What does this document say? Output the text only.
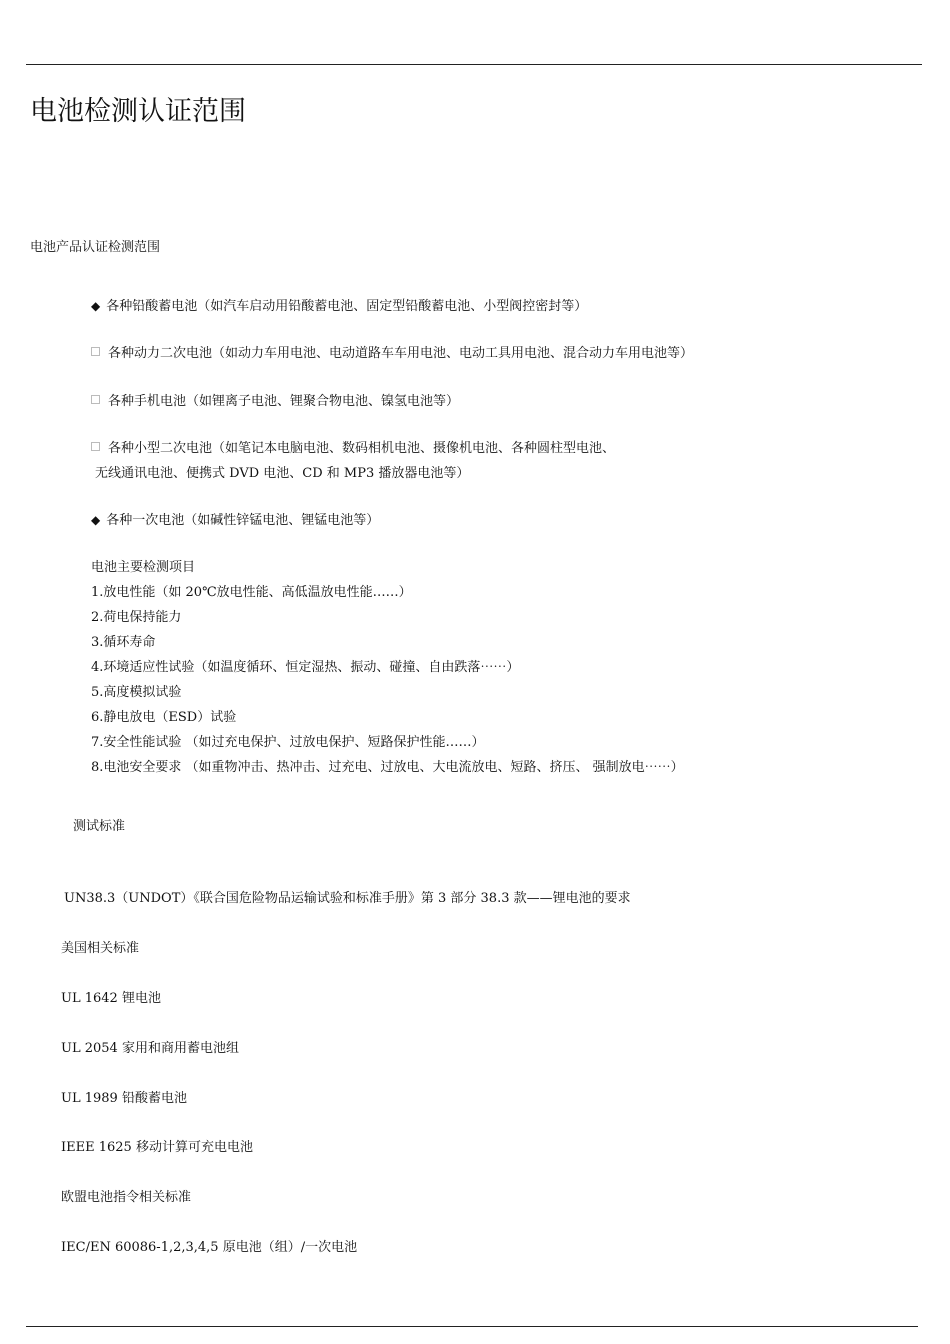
电池检测认证范围
电池产品认证检测范围
◆ 各种铅酸蓄电池（如汽车启动用铅酸蓄电池、固定型铅酸蓄电池、小型阀控密封等）
各种动力二次电池（如动力车用电池、电动道路车车用电池、电动工具用电池、混合动力车用电池等）
各种手机电池（如锂离子电池、锂聚合物电池、镍氢电池等）
各种小型二次电池（如笔记本电脑电池、数码相机电池、摄像机电池、各种圆柱型电池、
无线通讯电池、便携式 DVD 电池、CD 和 MP3 播放器电池等）
◆ 各种一次电池（如碱性锌锰电池、锂锰电池等）
电池主要检测项目
1.放电性能（如 20℃放电性能、高低温放电性能……）
2.荷电保持能力
3.循环寿命
4.环境适应性试验（如温度循环、恒定湿热、振动、碰撞、自由跌落⋯⋯）
5.高度模拟试验
6.静电放电（ESD）试验
7.安全性能试验 （如过充电保护、过放电保护、短路保护性能……）
8.电池安全要求 （如重物冲击、热冲击、过充电、过放电、大电流放电、短路、挤压、 强制放电⋯⋯）
测试标准
UN38.3（UNDOT）《联合国危险物品运输试验和标准手册》第 3 部分 38.3 款——锂电池的要求
美国相关标准
UL 1642 锂电池
UL 2054 家用和商用蓄电池组
UL 1989 铅酸蓄电池
IEEE 1625 移动计算可充电电池
欧盟电池指令相关标准
IEC/EN 60086-1,2,3,4,5 原电池（组）/一次电池
